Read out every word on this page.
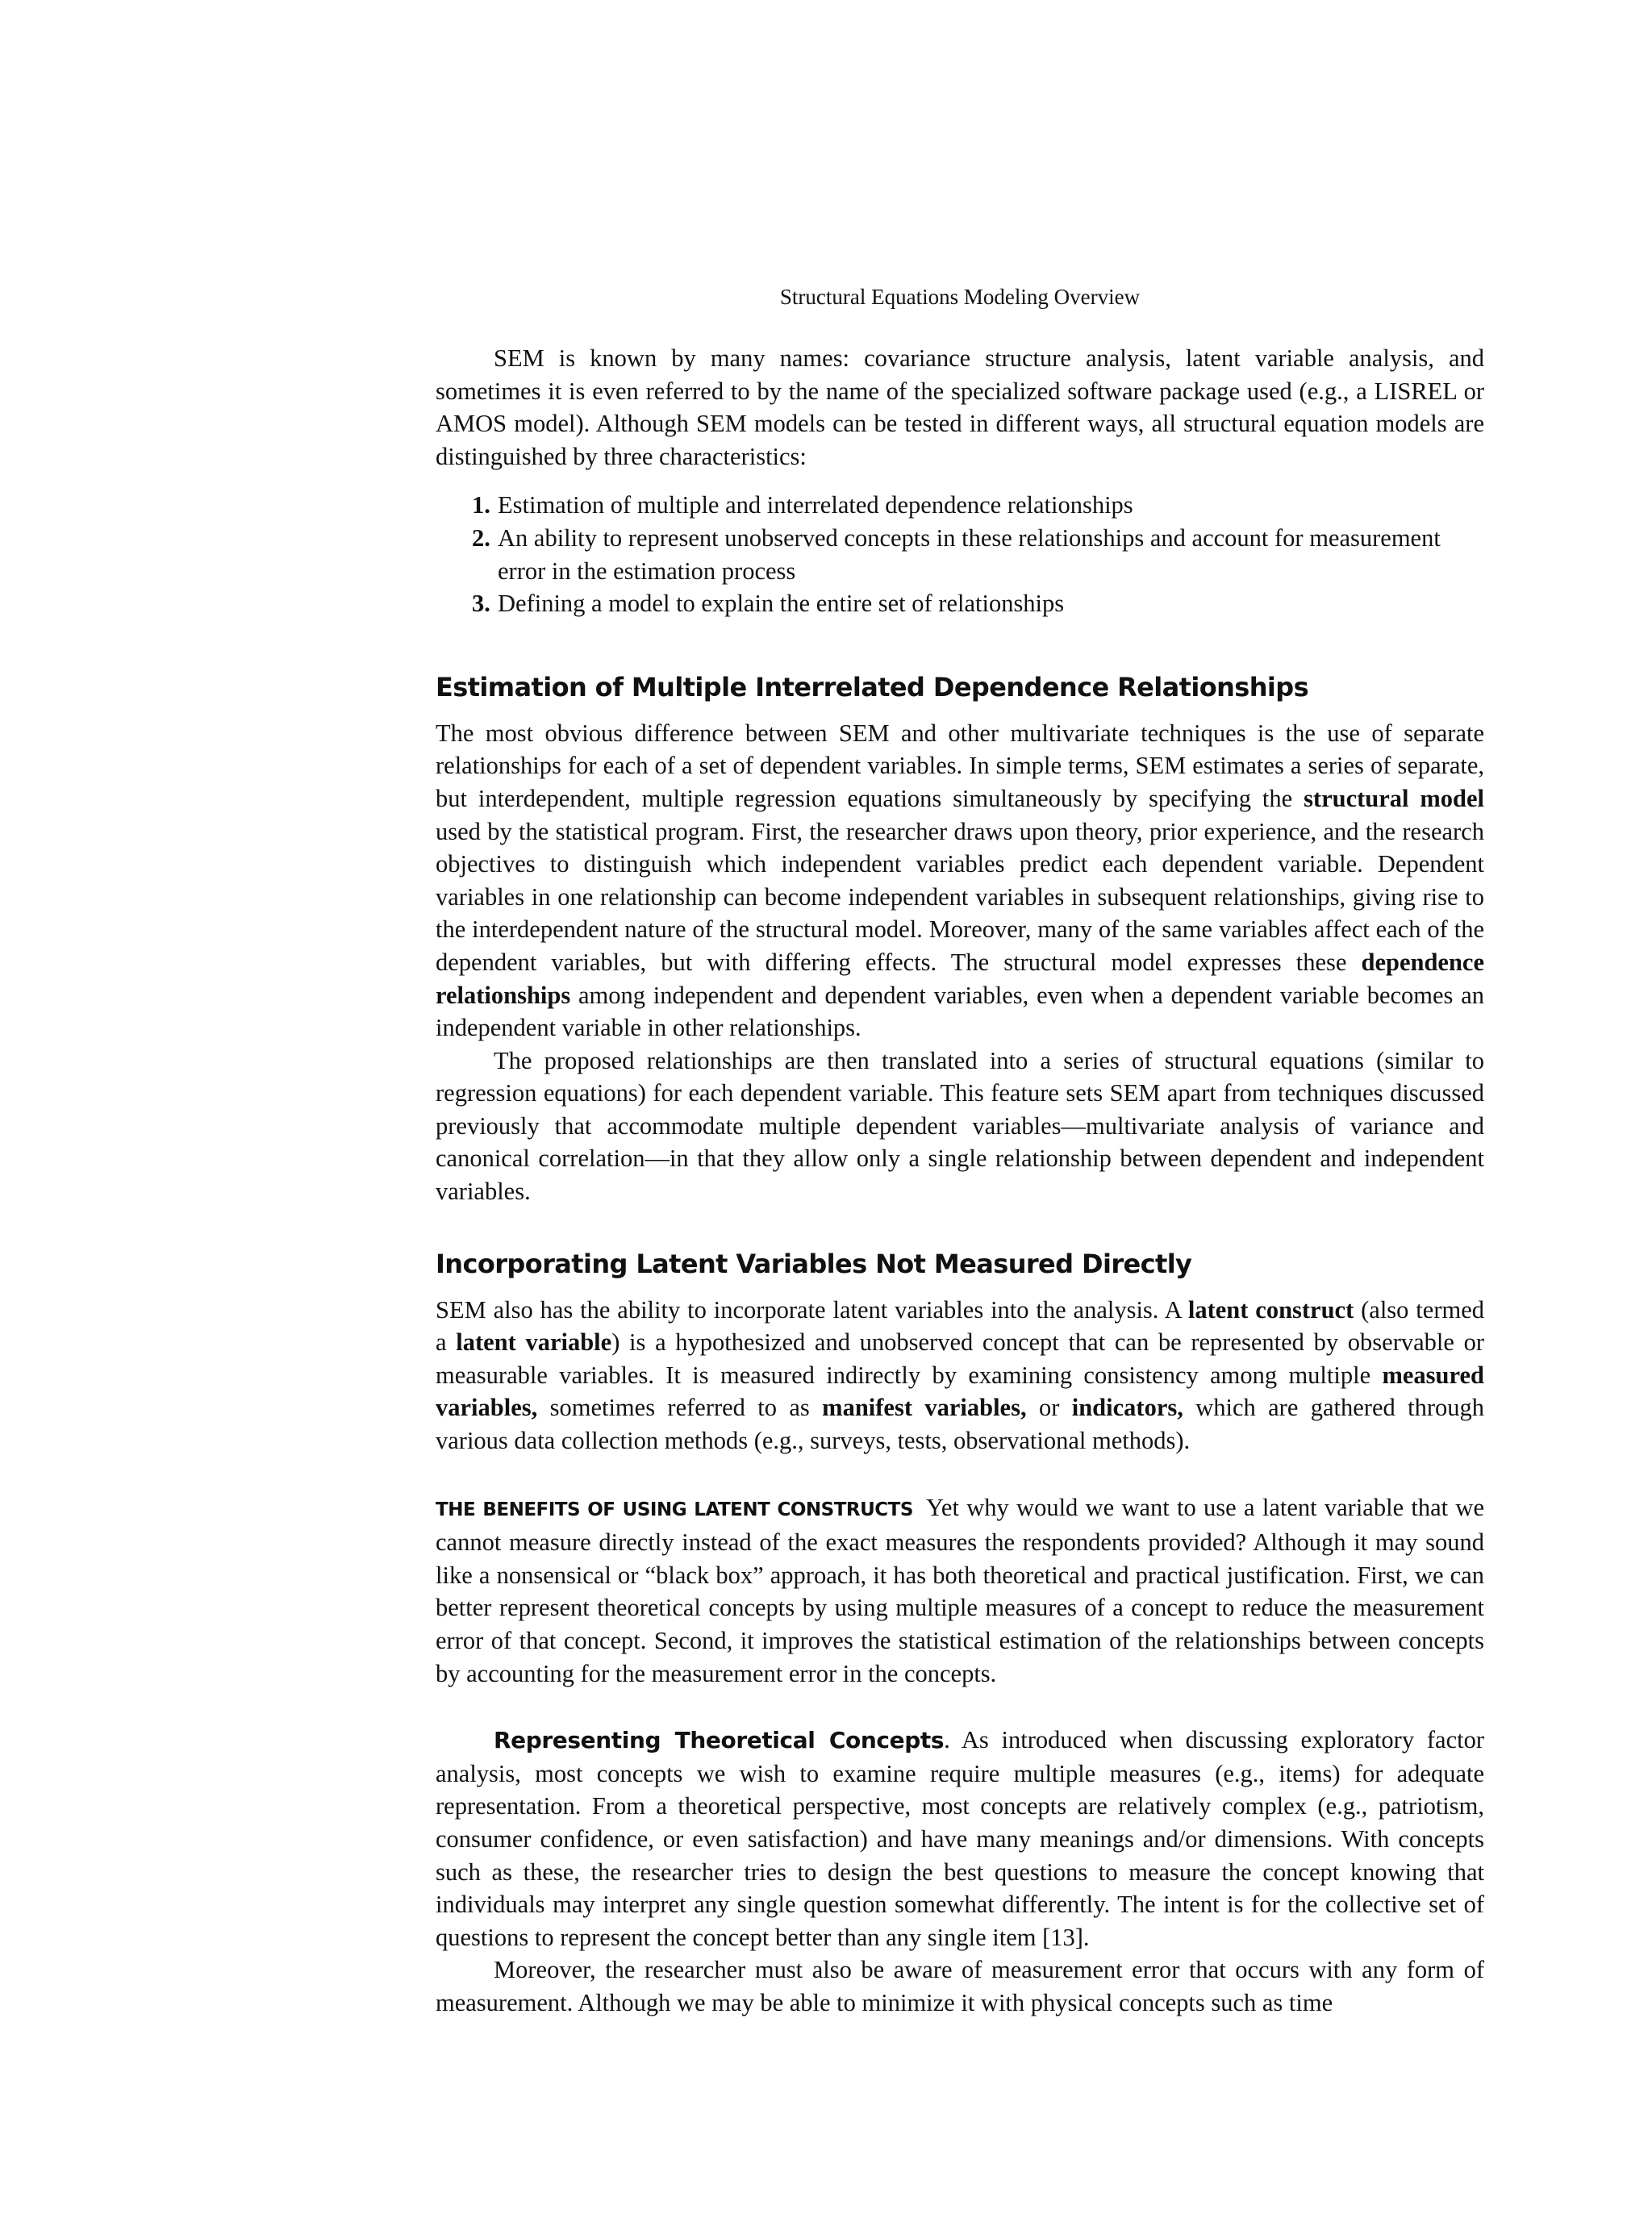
Structural Equations Modeling Overview

SEM is known by many names: covariance structure analysis, latent variable analysis, and sometimes it is even referred to by the name of the specialized software package used (e.g., a LISREL or AMOS model). Although SEM models can be tested in different ways, all structural equation models are distinguished by three characteristics:

1. Estimation of multiple and interrelated dependence relationships
2. An ability to represent unobserved concepts in these relationships and account for measurement error in the estimation process
3. Defining a model to explain the entire set of relationships
Estimation of Multiple Interrelated Dependence Relationships

The most obvious difference between SEM and other multivariate techniques is the use of separate relationships for each of a set of dependent variables. In simple terms, SEM estimates a series of separate, but interdependent, multiple regression equations simultaneously by specifying the structural model used by the statistical program. First, the researcher draws upon theory, prior experience, and the research objectives to distinguish which independent variables predict each dependent variable. Dependent variables in one relationship can become independent variables in subsequent relationships, giving rise to the interdependent nature of the structural model. Moreover, many of the same variables affect each of the dependent variables, but with differing effects. The structural model expresses these dependence relationships among independent and dependent variables, even when a dependent variable becomes an independent variable in other relationships.

The proposed relationships are then translated into a series of structural equations (similar to regression equations) for each dependent variable. This feature sets SEM apart from techniques discussed previously that accommodate multiple dependent variables—multivariate analysis of variance and canonical correlation—in that they allow only a single relationship between dependent and independent variables.

Incorporating Latent Variables Not Measured Directly

SEM also has the ability to incorporate latent variables into the analysis. A latent construct (also termed a latent variable) is a hypothesized and unobserved concept that can be represented by observable or measurable variables. It is measured indirectly by examining consistency among multiple measured variables, sometimes referred to as manifest variables, or indicators, which are gathered through various data collection methods (e.g., surveys, tests, observational methods).

THE BENEFITS OF USING LATENT CONSTRUCTS Yet why would we want to use a latent variable that we cannot measure directly instead of the exact measures the respondents provided? Although it may sound like a nonsensical or “black box” approach, it has both theoretical and practical justification. First, we can better represent theoretical concepts by using multiple measures of a concept to reduce the measurement error of that concept. Second, it improves the statistical estimation of the relationships between concepts by accounting for the measurement error in the concepts.

Representing Theoretical Concepts. As introduced when discussing exploratory factor analysis, most concepts we wish to examine require multiple measures (e.g., items) for adequate representation. From a theoretical perspective, most concepts are relatively complex (e.g., patriotism, consumer confidence, or even satisfaction) and have many meanings and/or dimensions. With concepts such as these, the researcher tries to design the best questions to measure the concept knowing that individuals may interpret any single question somewhat differently. The intent is for the collective set of questions to represent the concept better than any single item [13].

Moreover, the researcher must also be aware of measurement error that occurs with any form of measurement. Although we may be able to minimize it with physical concepts such as time
